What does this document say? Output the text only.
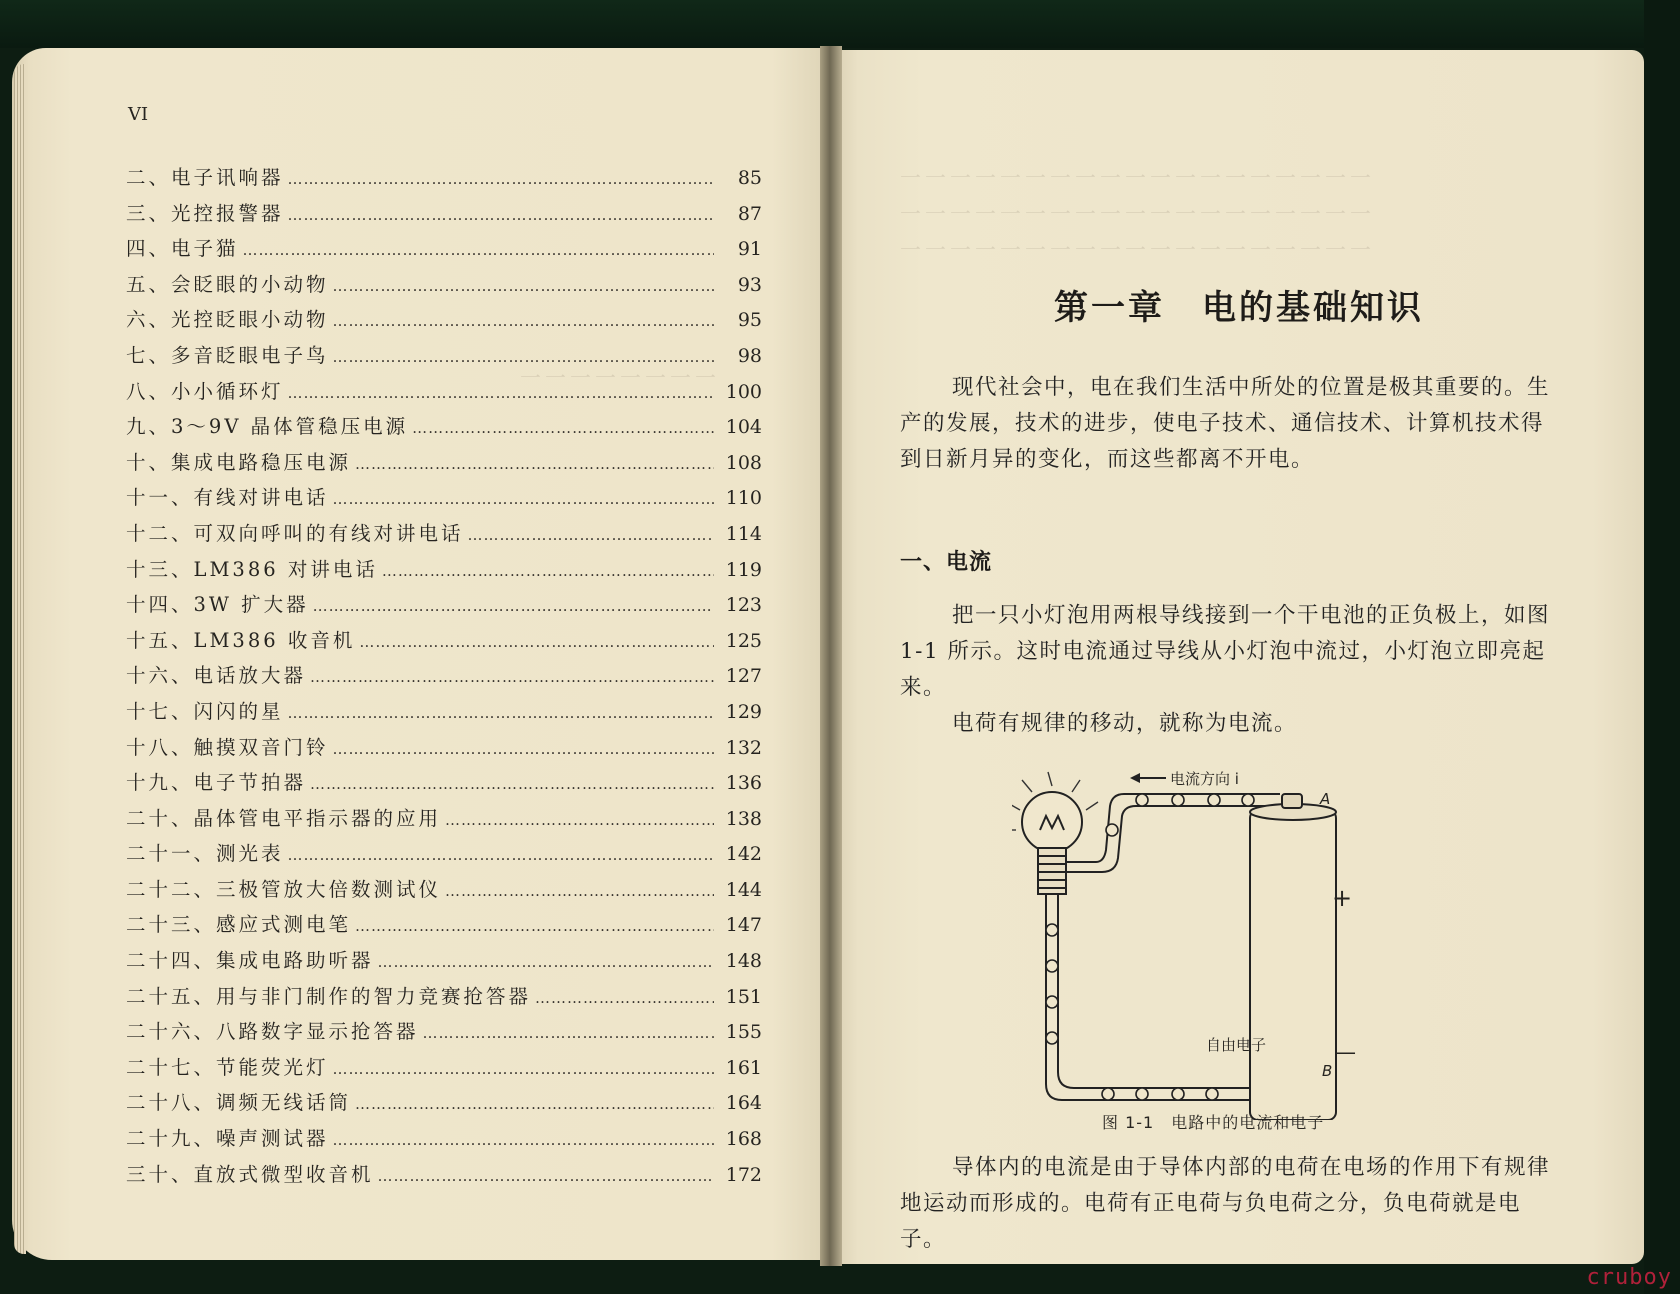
一一一一一一一一
一一一一一一一一一一一一一一一一一一一
一一一一一一一一一一一一一一一一一一一
一一一一一一一一一一一一一一一一一一一
VI
二、电子讯响器 ………………………………………………………………………………………………………………………………	85
三、光控报警器 ………………………………………………………………………………………………………………………………	87
四、电子猫 ………………………………………………………………………………………………………………………………	91
五、会眨眼的小动物 ………………………………………………………………………………………………………………………………	93
六、光控眨眼小动物 ………………………………………………………………………………………………………………………………	95
七、多音眨眼电子鸟 ………………………………………………………………………………………………………………………………	98
八、小小循环灯 ………………………………………………………………………………………………………………………………	100
九、3～9V 晶体管稳压电源 ………………………………………………………………………………………………………………………………	104
十、集成电路稳压电源 ………………………………………………………………………………………………………………………………	108
十一、有线对讲电话 ………………………………………………………………………………………………………………………………	110
十二、可双向呼叫的有线对讲电话 ………………………………………………………………………………………………………………………………	114
十三、LM386 对讲电话 ………………………………………………………………………………………………………………………………	119
十四、3W 扩大器 ………………………………………………………………………………………………………………………………	123
十五、LM386 收音机 ………………………………………………………………………………………………………………………………	125
十六、电话放大器 ………………………………………………………………………………………………………………………………	127
十七、闪闪的星 ………………………………………………………………………………………………………………………………	129
十八、触摸双音门铃 ………………………………………………………………………………………………………………………………	132
十九、电子节拍器 ………………………………………………………………………………………………………………………………	136
二十、晶体管电平指示器的应用 ………………………………………………………………………………………………………………………………	138
二十一、测光表 ………………………………………………………………………………………………………………………………	142
二十二、三极管放大倍数测试仪 ………………………………………………………………………………………………………………………………	144
二十三、感应式测电笔 ………………………………………………………………………………………………………………………………	147
二十四、集成电路助听器 ………………………………………………………………………………………………………………………………	148
二十五、用与非门制作的智力竞赛抢答器 ………………………………………………………………………………………………………………………………	151
二十六、八路数字显示抢答器 ………………………………………………………………………………………………………………………………	155
二十七、节能荧光灯 ………………………………………………………………………………………………………………………………	161
二十八、调频无线话筒 ………………………………………………………………………………………………………………………………	164
二十九、噪声测试器 ………………………………………………………………………………………………………………………………	168
三十、直放式微型收音机 ………………………………………………………………………………………………………………………………	172
第一章　电的基础知识
现代社会中，电在我们生活中所处的位置是极其重要的。生产的发展，技术的进步，使电子技术、通信技术、计算机技术得到日新月异的变化，而这些都离不开电。
一、电流
把一只小灯泡用两根导线接到一个干电池的正负极上，如图 1-1 所示。这时电流通过导线从小灯泡中流过，小灯泡立即亮起来。
电荷有规律的移动，就称为电流。
电流方向 i
A
B
+
—
自由电子
图 1-1　电路中的电流和电子
导体内的电流是由于导体内部的电荷在电场的作用下有规律地运动而形成的。电荷有正电荷与负电荷之分，负电荷就是电子。
cruboy
